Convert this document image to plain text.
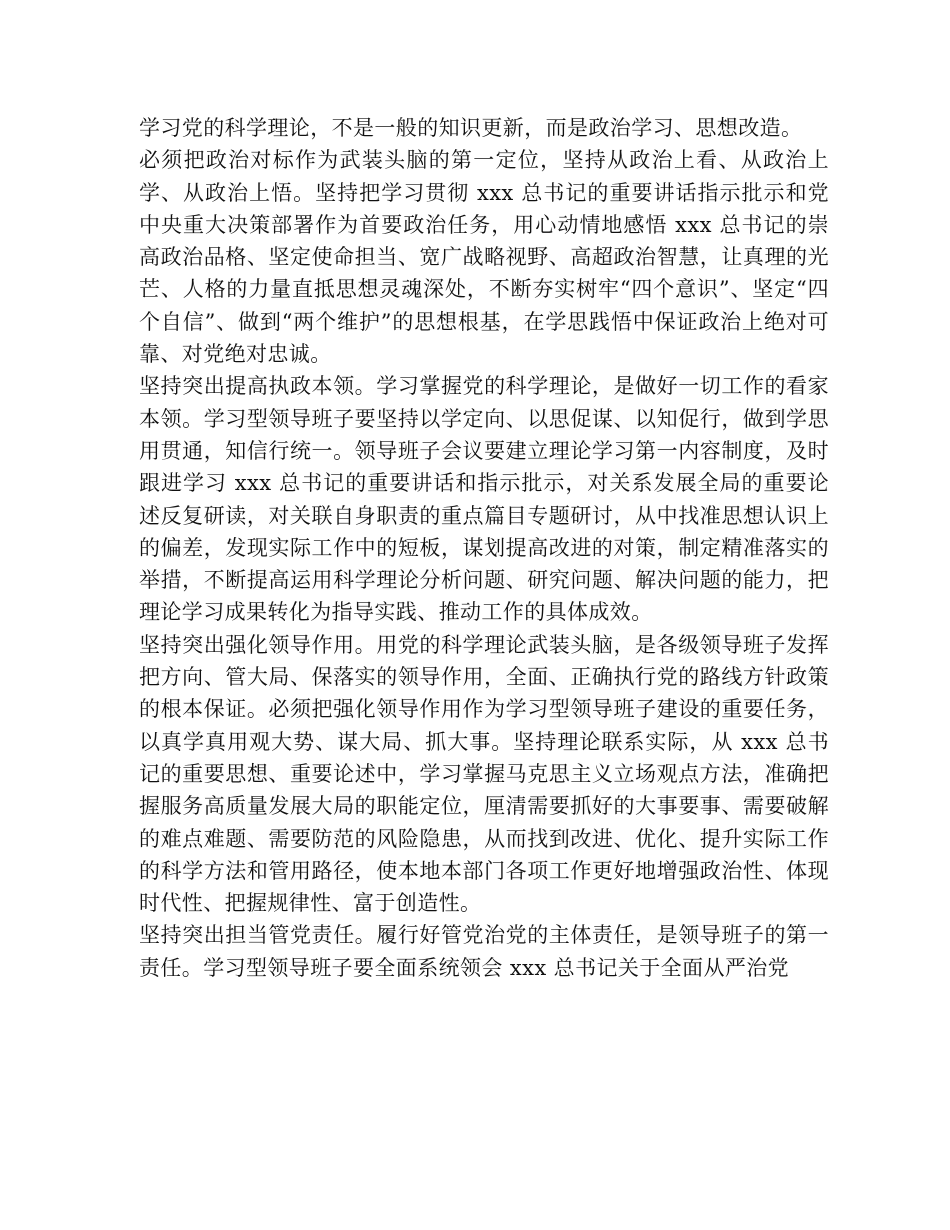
学习党的科学理论，不是一般的知识更新，而是政治学习、思想改造。

必须把政治对标作为武装头脑的第一定位，坚持从政治上看、从政治上学、从政治上悟。坚持把学习贯彻 xxx 总书记的重要讲话指示批示和党中央重大决策部署作为首要政治任务，用心动情地感悟 xxx 总书记的崇高政治品格、坚定使命担当、宽广战略视野、高超政治智慧，让真理的光芒、人格的力量直抵思想灵魂深处，不断夯实树牢“四个意识”、坚定“四个自信”、做到“两个维护”的思想根基，在学思践悟中保证政治上绝对可靠、对党绝对忠诚。

坚持突出提高执政本领。学习掌握党的科学理论，是做好一切工作的看家本领。学习型领导班子要坚持以学定向、以思促谋、以知促行，做到学思用贯通，知信行统一。领导班子会议要建立理论学习第一内容制度，及时跟进学习 xxx 总书记的重要讲话和指示批示，对关系发展全局的重要论述反复研读，对关联自身职责的重点篇目专题研讨，从中找准思想认识上的偏差，发现实际工作中的短板，谋划提高改进的对策，制定精准落实的举措，不断提高运用科学理论分析问题、研究问题、解决问题的能力，把理论学习成果转化为指导实践、推动工作的具体成效。

坚持突出强化领导作用。用党的科学理论武装头脑，是各级领导班子发挥把方向、管大局、保落实的领导作用，全面、正确执行党的路线方针政策的根本保证。必须把强化领导作用作为学习型领导班子建设的重要任务，以真学真用观大势、谋大局、抓大事。坚持理论联系实际，从 xxx 总书记的重要思想、重要论述中，学习掌握马克思主义立场观点方法，准确把握服务高质量发展大局的职能定位，厘清需要抓好的大事要事、需要破解的难点难题、需要防范的风险隐患，从而找到改进、优化、提升实际工作的科学方法和管用路径，使本地本部门各项工作更好地增强政治性、体现时代性、把握规律性、富于创造性。

坚持突出担当管党责任。履行好管党治党的主体责任，是领导班子的第一责任。学习型领导班子要全面系统领会 xxx 总书记关于全面从严治党
